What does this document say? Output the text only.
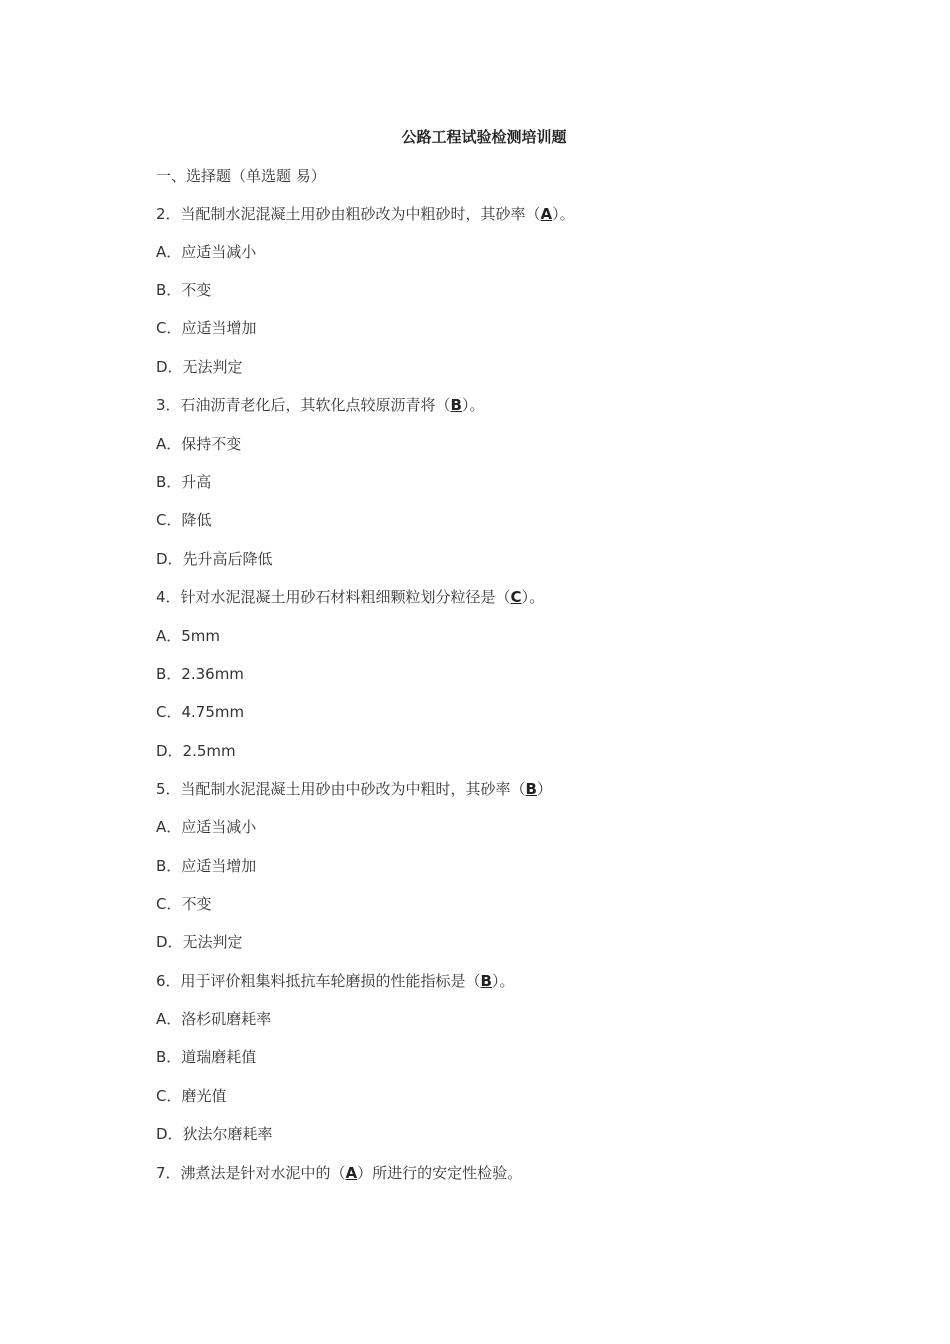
公路工程试验检测培训题
一、选择题（单选题 易）
2．当配制水泥混凝土用砂由粗砂改为中粗砂时，其砂率（A）。
A．应适当减小
B．不变
C．应适当增加
D．无法判定
3．石油沥青老化后，其软化点较原沥青将（B）。
A．保持不变
B．升高
C．降低
D．先升高后降低
4．针对水泥混凝土用砂石材料粗细颗粒划分粒径是（C）。
A．5mm
B．2.36mm
C．4.75mm
D．2.5mm
5．当配制水泥混凝土用砂由中砂改为中粗时，其砂率（B）
A．应适当减小
B．应适当增加
C．不变
D．无法判定
6．用于评价粗集料抵抗车轮磨损的性能指标是（B）。
A．洛杉矶磨耗率
B．道瑞磨耗值
C．磨光值
D．狄法尔磨耗率
7．沸煮法是针对水泥中的（A）所进行的安定性检验。
